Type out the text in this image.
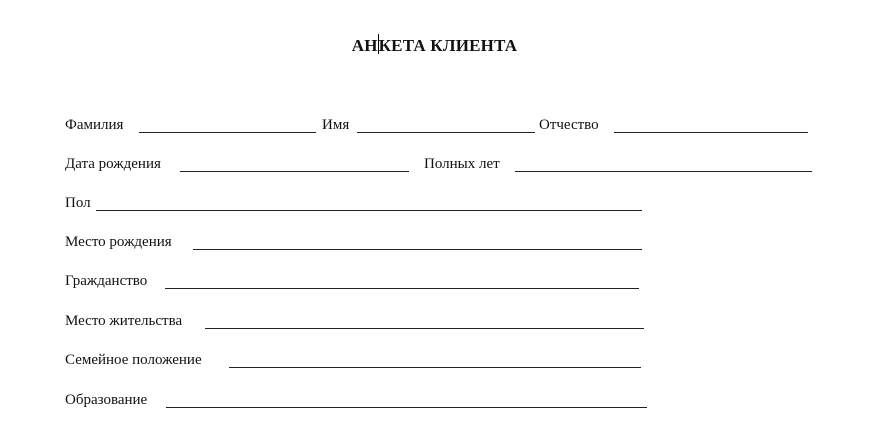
АНКЕТА КЛИЕНТА
Фамилия	Имя	Отчество
Дата рождения	Полных лет
Пол
Место рождения
Гражданство
Место жительства
Семейное положение
Образование
